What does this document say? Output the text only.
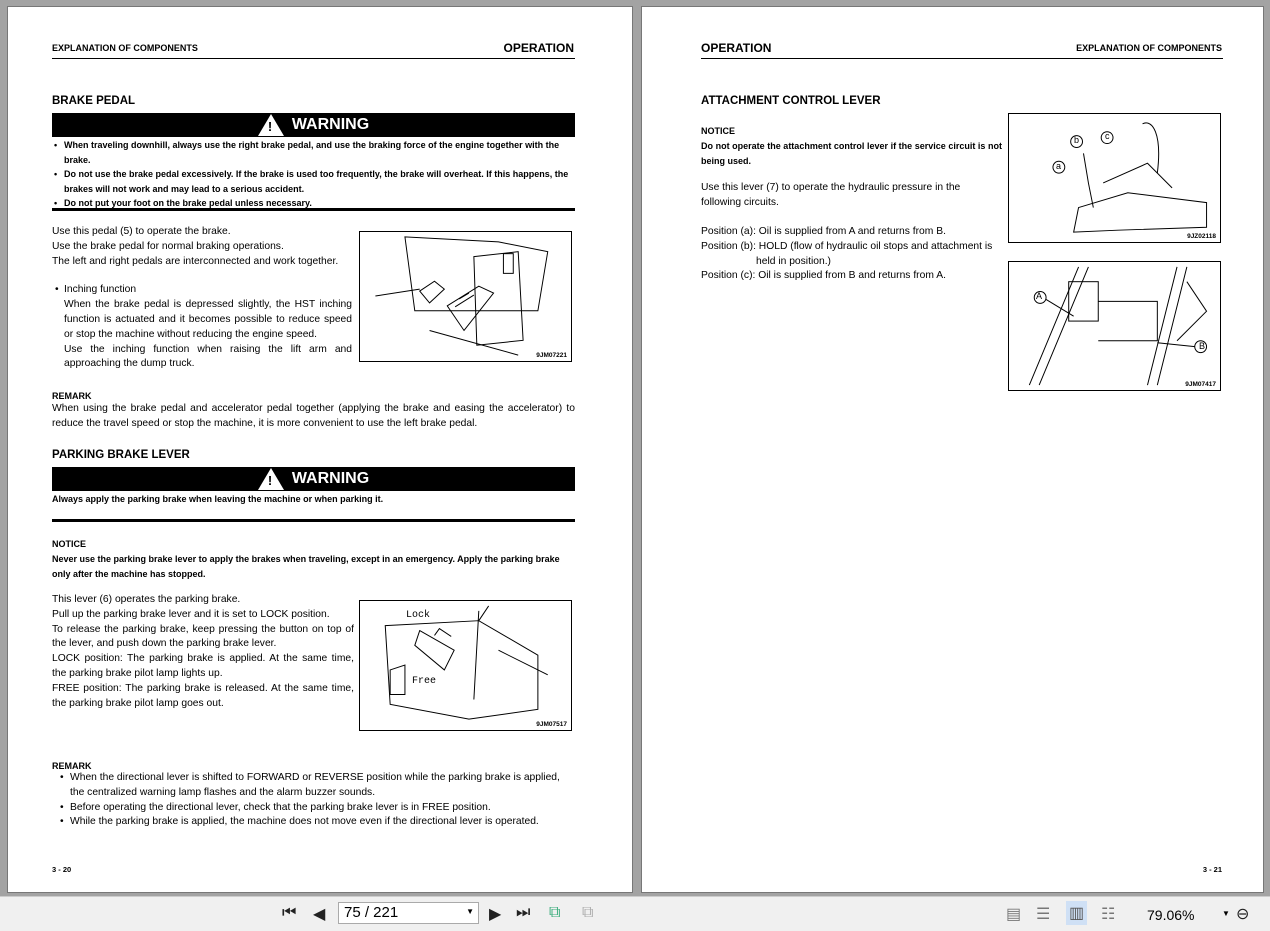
EXPLANATION OF COMPONENTS	OPERATION
BRAKE PEDAL
! WARNING
• When traveling downhill, always use the right brake pedal, and use the braking force of the engine together with the brake.
• Do not use the brake pedal excessively. If the brake is used too frequently, the brake will overheat. If this happens, the brakes will not work and may lead to a serious accident.
• Do not put your foot on the brake pedal unless necessary.
Use this pedal (5) to operate the brake.
Use the brake pedal for normal braking operations.
The left and right pedals are interconnected and work together.
• Inching function
When the brake pedal is depressed slightly, the HST inching function is actuated and it becomes possible to reduce speed or stop the machine without reducing the engine speed.
Use the inching function when raising the lift arm and approaching the dump truck.
9JM07221
REMARK
When using the brake pedal and accelerator pedal together (applying the brake and easing the accelerator) to reduce the travel speed or stop the machine, it is more convenient to use the left brake pedal.
PARKING BRAKE LEVER
! WARNING
Always apply the parking brake when leaving the machine or when parking it.
NOTICE
Never use the parking brake lever to apply the brakes when traveling, except in an emergency. Apply the parking brake only after the machine has stopped.
This lever (6) operates the parking brake.
Pull up the parking brake lever and it is set to LOCK position.
To release the parking brake, keep pressing the button on top of the lever, and push down the parking brake lever.
LOCK position: The parking brake is applied. At the same time, the parking brake pilot lamp lights up.
FREE position: The parking brake is released. At the same time, the parking brake pilot lamp goes out.
Lock
Free
9JM07517
REMARK
• When the directional lever is shifted to FORWARD or REVERSE position while the parking brake is applied, the centralized warning lamp flashes and the alarm buzzer sounds.
• Before operating the directional lever, check that the parking brake lever is in FREE position.
• While the parking brake is applied, the machine does not move even if the directional lever is operated.
3 - 20
OPERATION	EXPLANATION OF COMPONENTS
ATTACHMENT CONTROL LEVER
NOTICE
Do not operate the attachment control lever if the service circuit is not being used.
Use this lever (7) to operate the hydraulic pressure in the following circuits.
Position (a): Oil is supplied from A and returns from B.
Position (b): HOLD (flow of hydraulic oil stops and attachment is
held in position.)
Position (c): Oil is supplied from B and returns from A.
b	c
a
9JZ02118
A
B
9JM07417
3 - 21
⏮ ◀	75 / 221	▼ ▶ ⏭ ⧉ ⧉	▤ ☰ ▥ ☷ 79.06%	▼ ⊖
